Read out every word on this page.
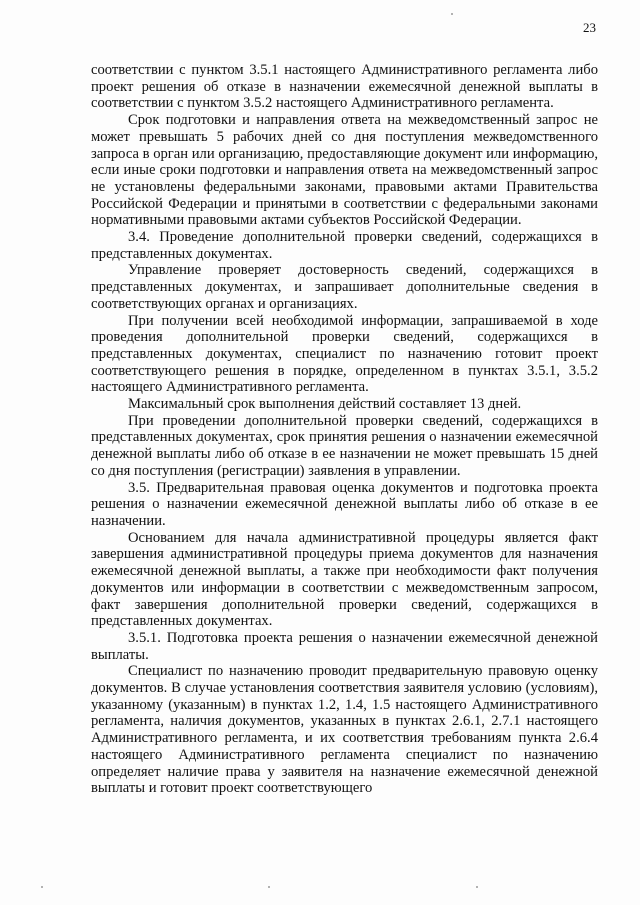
23

соответствии с пунктом 3.5.1 настоящего Административного регламента либо проект решения об отказе в назначении ежемесячной денежной выплаты в соответствии с пунктом 3.5.2 настоящего Административного регламента.

Срок подготовки и направления ответа на межведомственный запрос не может превышать 5 рабочих дней со дня поступления межведомственного запроса в орган или организацию, предоставляющие документ или информацию, если иные сроки подготовки и направления ответа на межведомственный запрос не установлены федеральными законами, правовыми актами Правительства Российской Федерации и принятыми в соответствии с федеральными законами нормативными правовыми актами субъектов Российской Федерации.

3.4. Проведение дополнительной проверки сведений, содержащихся в представленных документах.

Управление проверяет достоверность сведений, содержащихся в представленных документах, и запрашивает дополнительные сведения в соответствующих органах и организациях.

При получении всей необходимой информации, запрашиваемой в ходе проведения дополнительной проверки сведений, содержащихся в представленных документах, специалист по назначению готовит проект соответствующего решения в порядке, определенном в пунктах 3.5.1, 3.5.2 настоящего Административного регламента.

Максимальный срок выполнения действий составляет 13 дней.

При проведении дополнительной проверки сведений, содержащихся в представленных документах, срок принятия решения о назначении ежемесячной денежной выплаты либо об отказе в ее назначении не может превышать 15 дней со дня поступления (регистрации) заявления в управлении.

3.5. Предварительная правовая оценка документов и подготовка проекта решения о назначении ежемесячной денежной выплаты либо об отказе в ее назначении.

Основанием для начала административной процедуры является факт завершения административной процедуры приема документов для назначения ежемесячной денежной выплаты, а также при необходимости факт получения документов или информации в соответствии с межведомственным запросом, факт завершения дополнительной проверки сведений, содержащихся в представленных документах.

3.5.1. Подготовка проекта решения о назначении ежемесячной денежной выплаты.

Специалист по назначению проводит предварительную правовую оценку документов. В случае установления соответствия заявителя условию (условиям), указанному (указанным) в пунктах 1.2, 1.4, 1.5 настоящего Административного регламента, наличия документов, указанных в пунктах 2.6.1, 2.7.1 настоящего Административного регламента, и их соответствия требованиям пункта 2.6.4 настоящего Административного регламента специалист по назначению определяет наличие права у заявителя на назначение ежемесячной денежной выплаты и готовит проект соответствующего
